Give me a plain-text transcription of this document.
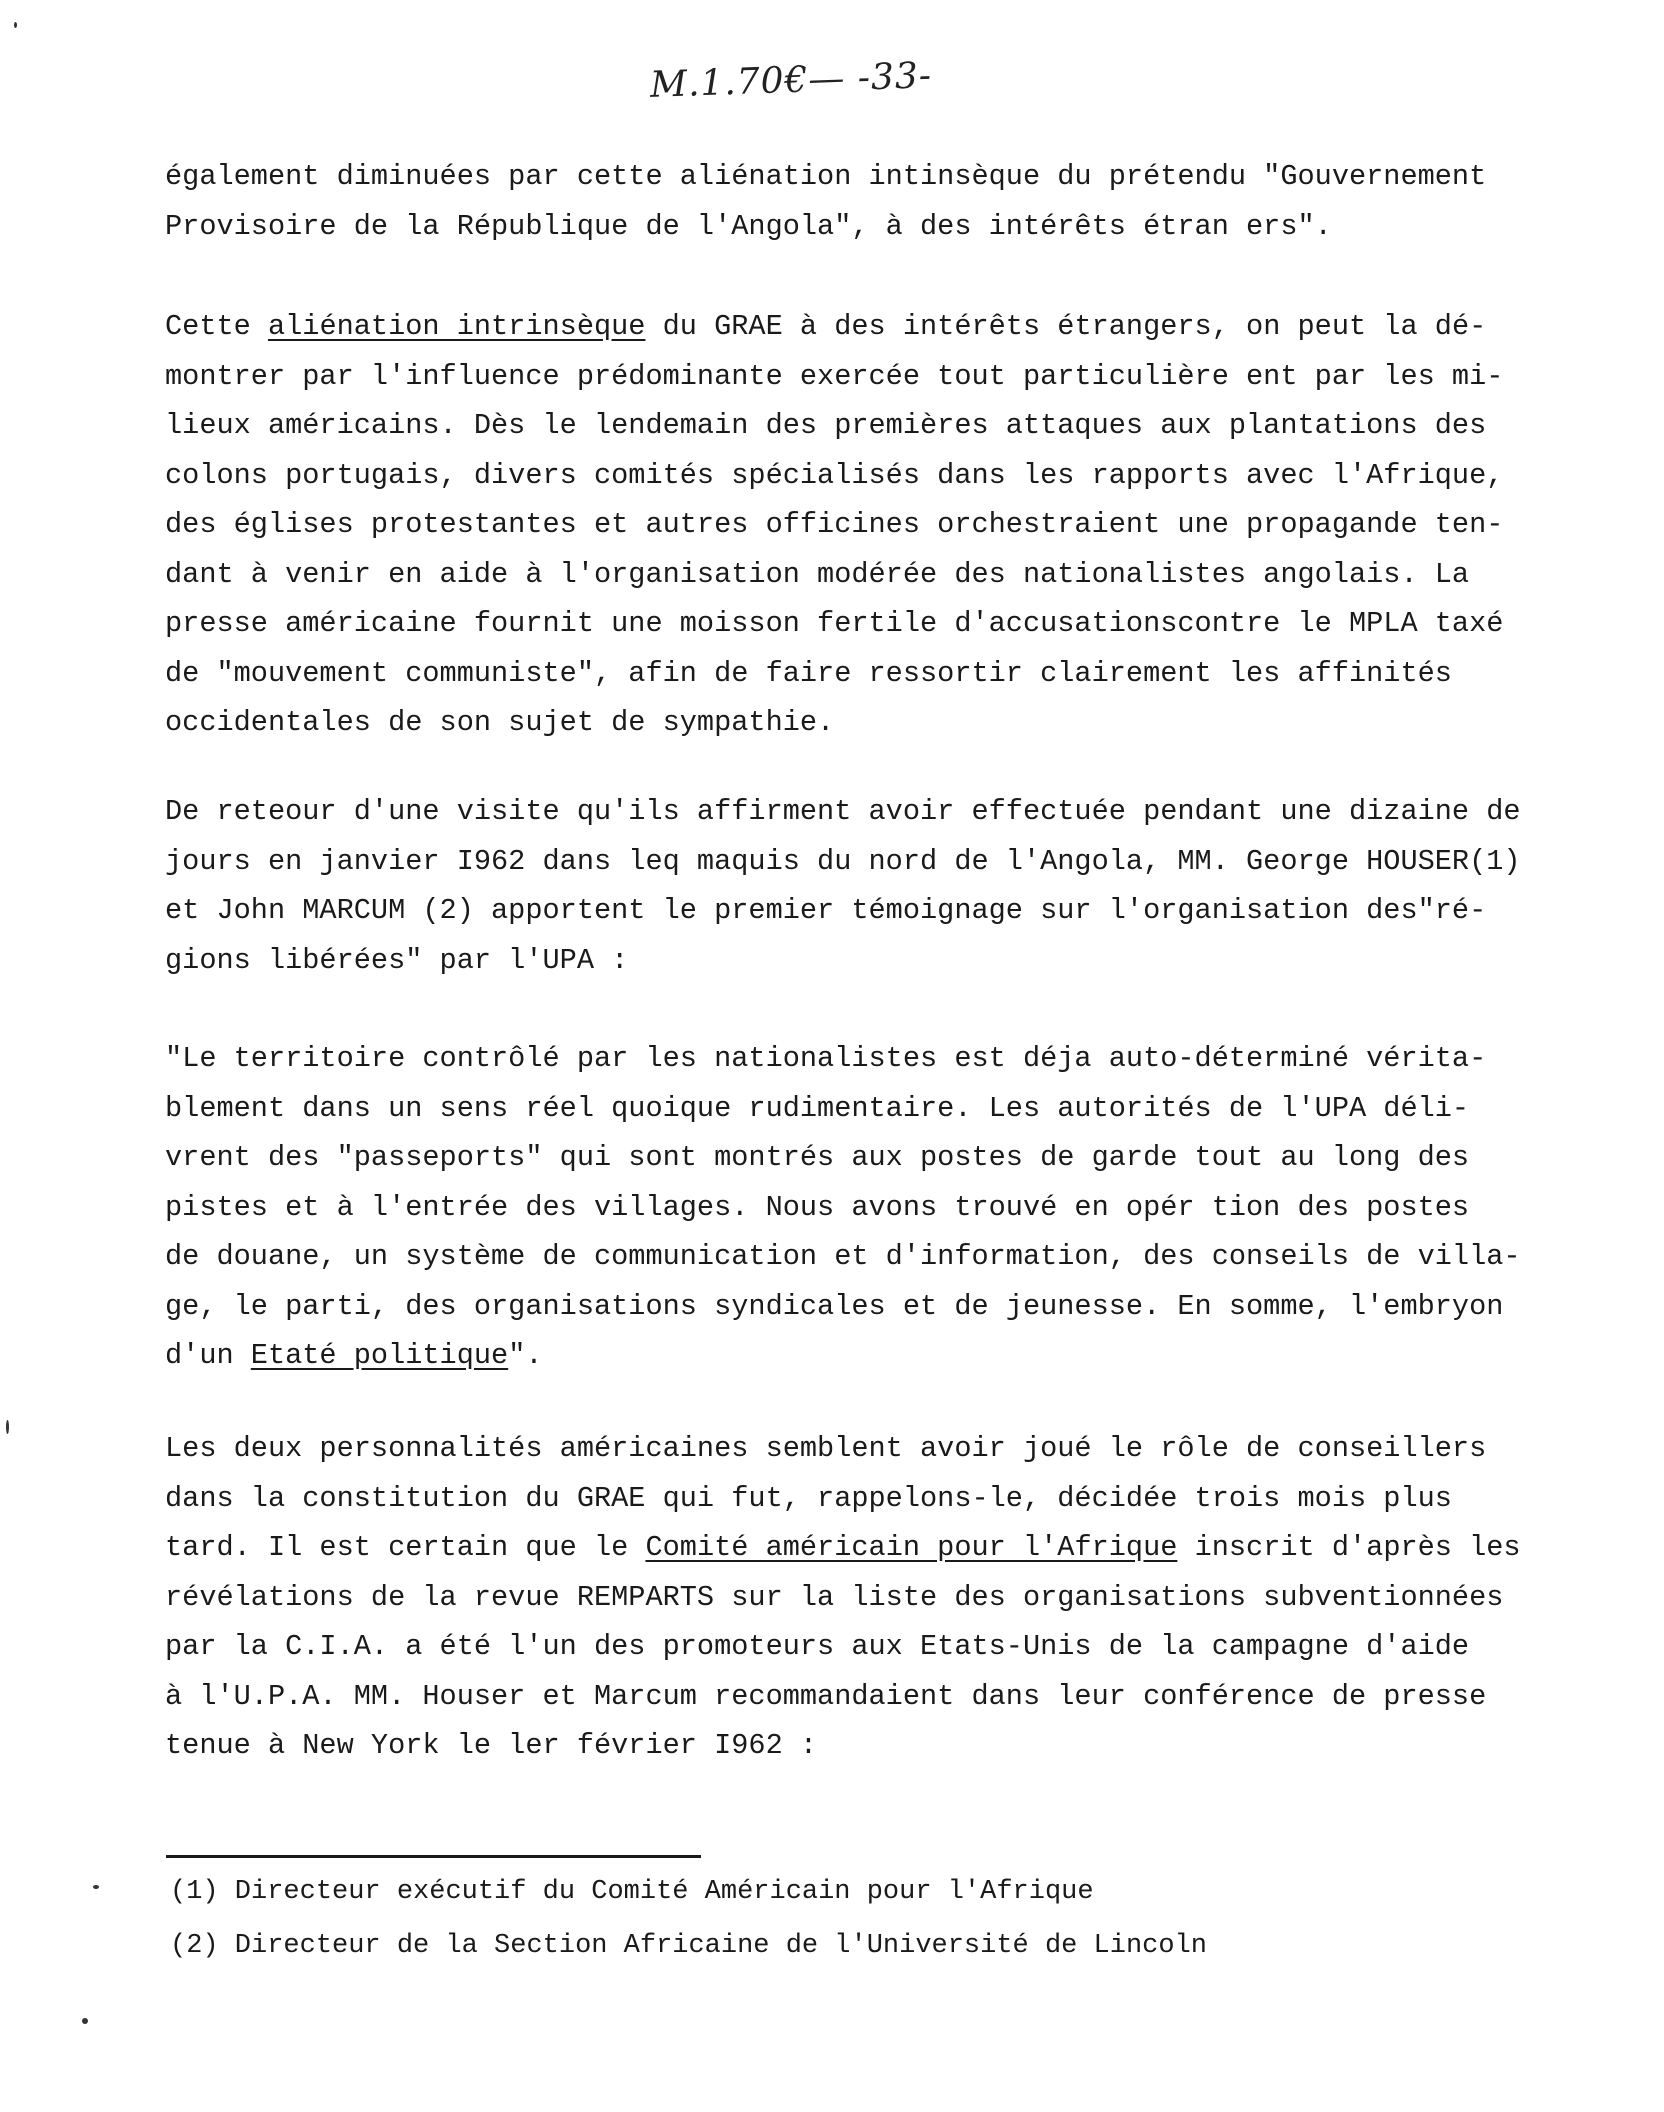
M.1.70€— -33-
également diminuées par cette aliénation intinsèque du prétendu "Gouvernement
Provisoire de la République de l'Angola", à des intérêts étran ers".
Cette aliénation intrinsèque du GRAE à des intérêts étrangers, on peut la dé-
montrer par l'influence prédominante exercée tout particulière ent par les mi-
lieux américains. Dès le lendemain des premières attaques aux plantations des
colons portugais, divers comités spécialisés dans les rapports avec l'Afrique,
des églises protestantes et autres officines orchestraient une propagande ten-
dant à venir en aide à l'organisation modérée des nationalistes angolais. La
presse américaine fournit une moisson fertile d'accusationscontre le MPLA taxé
de "mouvement communiste", afin de faire ressortir clairement les affinités
occidentales de son sujet de sympathie.
De reteour d'une visite qu'ils affirment avoir effectuée pendant une dizaine de
jours en janvier I962 dans leq maquis du nord de l'Angola, MM. George HOUSER(1)
et John MARCUM (2) apportent le premier témoignage sur l'organisation des"ré-
gions libérées" par l'UPA :
"Le territoire contrôlé par les nationalistes est déja auto-déterminé vérita-
blement dans un sens réel quoique rudimentaire. Les autorités de l'UPA déli-
vrent des "passeports" qui sont montrés aux postes de garde tout au long des
pistes et à l'entrée des villages. Nous avons trouvé en opér tion des postes
de douane, un système de communication et d'information, des conseils de villa-
ge, le parti, des organisations syndicales et de jeunesse. En somme, l'embryon
d'un Etaté politique".
Les deux personnalités américaines semblent avoir joué le rôle de conseillers
dans la constitution du GRAE qui fut, rappelons-le, décidée trois mois plus
tard. Il est certain que le Comité américain pour l'Afrique inscrit d'après les
révélations de la revue REMPARTS sur la liste des organisations subventionnées
par la C.I.A. a été l'un des promoteurs aux Etats-Unis de la campagne d'aide
à l'U.P.A. MM. Houser et Marcum recommandaient dans leur conférence de presse
tenue à New York le ler février I962 :
(1) Directeur exécutif du Comité Américain pour l'Afrique
(2) Directeur de la Section Africaine de l'Université de Lincoln
